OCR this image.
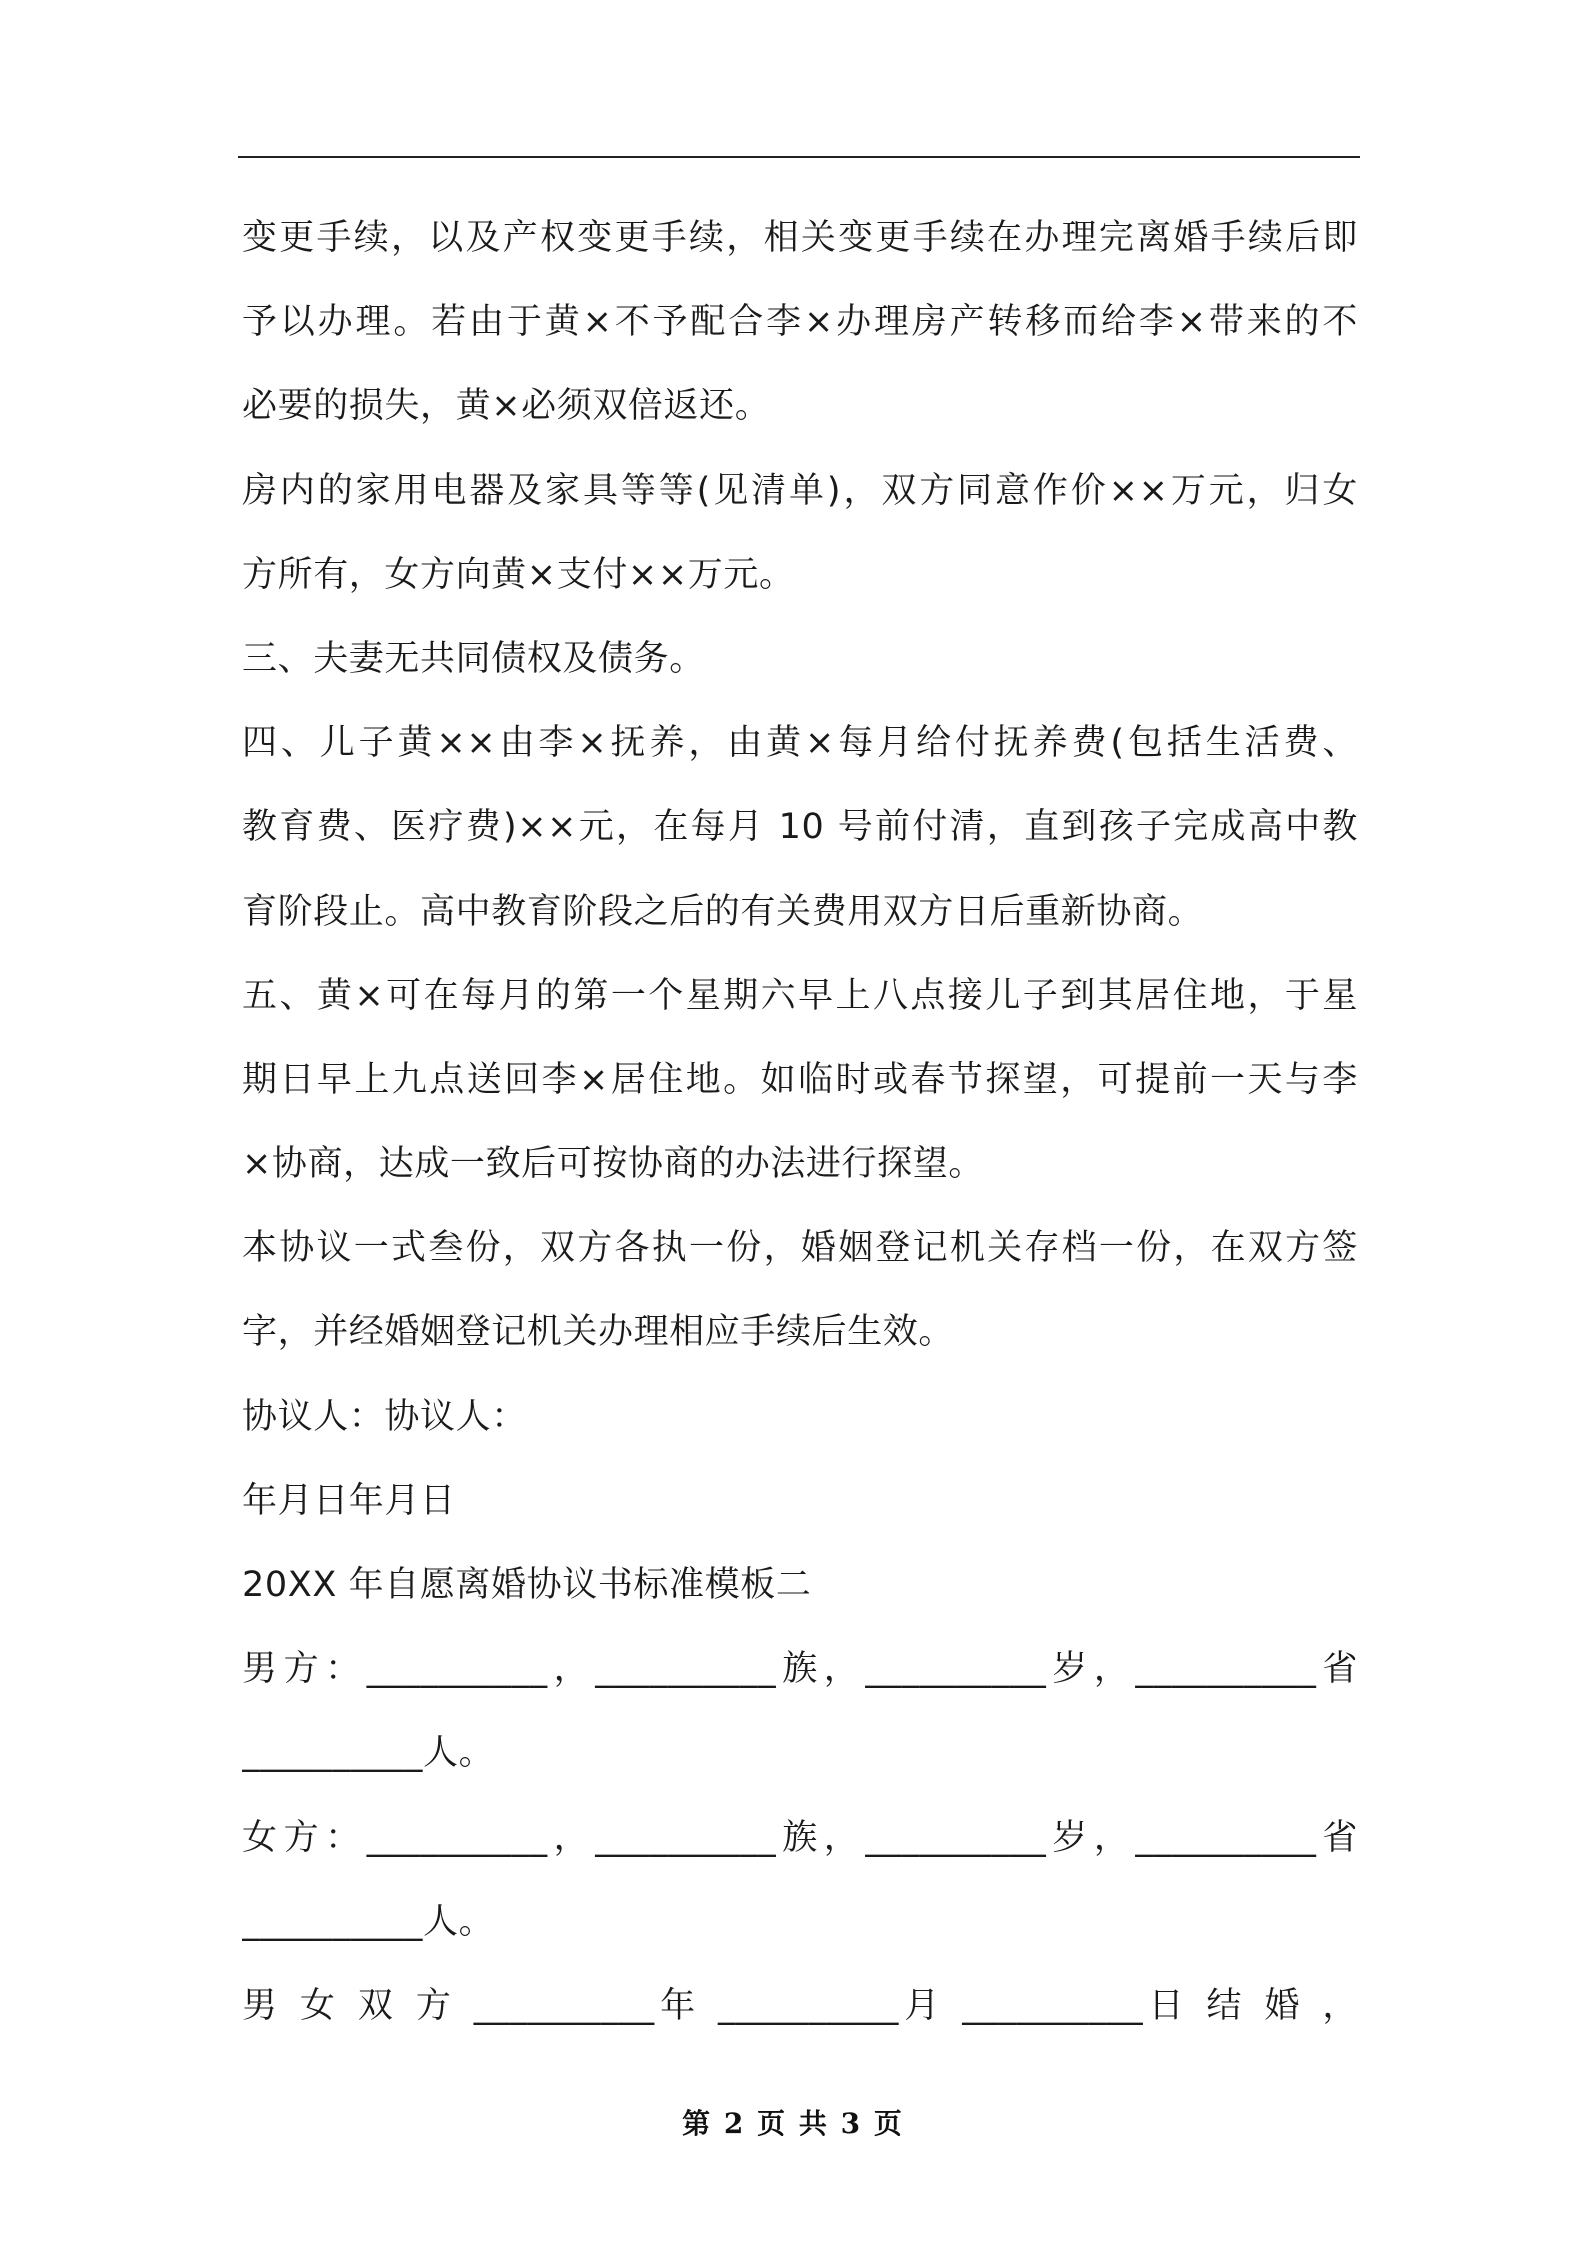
变更手续，以及产权变更手续，相关变更手续在办理完离婚手续后即
予以办理。若由于黄×不予配合李×办理房产转移而给李×带来的不
必要的损失，黄×必须双倍返还。
房内的家用电器及家具等等(见清单)，双方同意作价××万元，归女
方所有，女方向黄×支付××万元。
三、夫妻无共同债权及债务。
四、儿子黄××由李×抚养，由黄×每月给付抚养费(包括生活费、
教育费、医疗费)××元，在每月 10 号前付清，直到孩子完成高中教
育阶段止。高中教育阶段之后的有关费用双方日后重新协商。
五、黄×可在每月的第一个星期六早上八点接儿子到其居住地，于星
期日早上九点送回李×居住地。如临时或春节探望，可提前一天与李
×协商，达成一致后可按协商的办法进行探望。
本协议一式叁份，双方各执一份，婚姻登记机关存档一份，在双方签
字，并经婚姻登记机关办理相应手续后生效。
协议人：协议人：
年月日年月日
20XX 年自愿离婚协议书标准模板二
男方：__________，__________族，__________岁，__________省
__________人。
女方：__________，__________族，__________岁，__________省
__________人。
男 女 双 方 __________年 __________月 __________日 结 婚 ，
第 2 页 共 3 页
